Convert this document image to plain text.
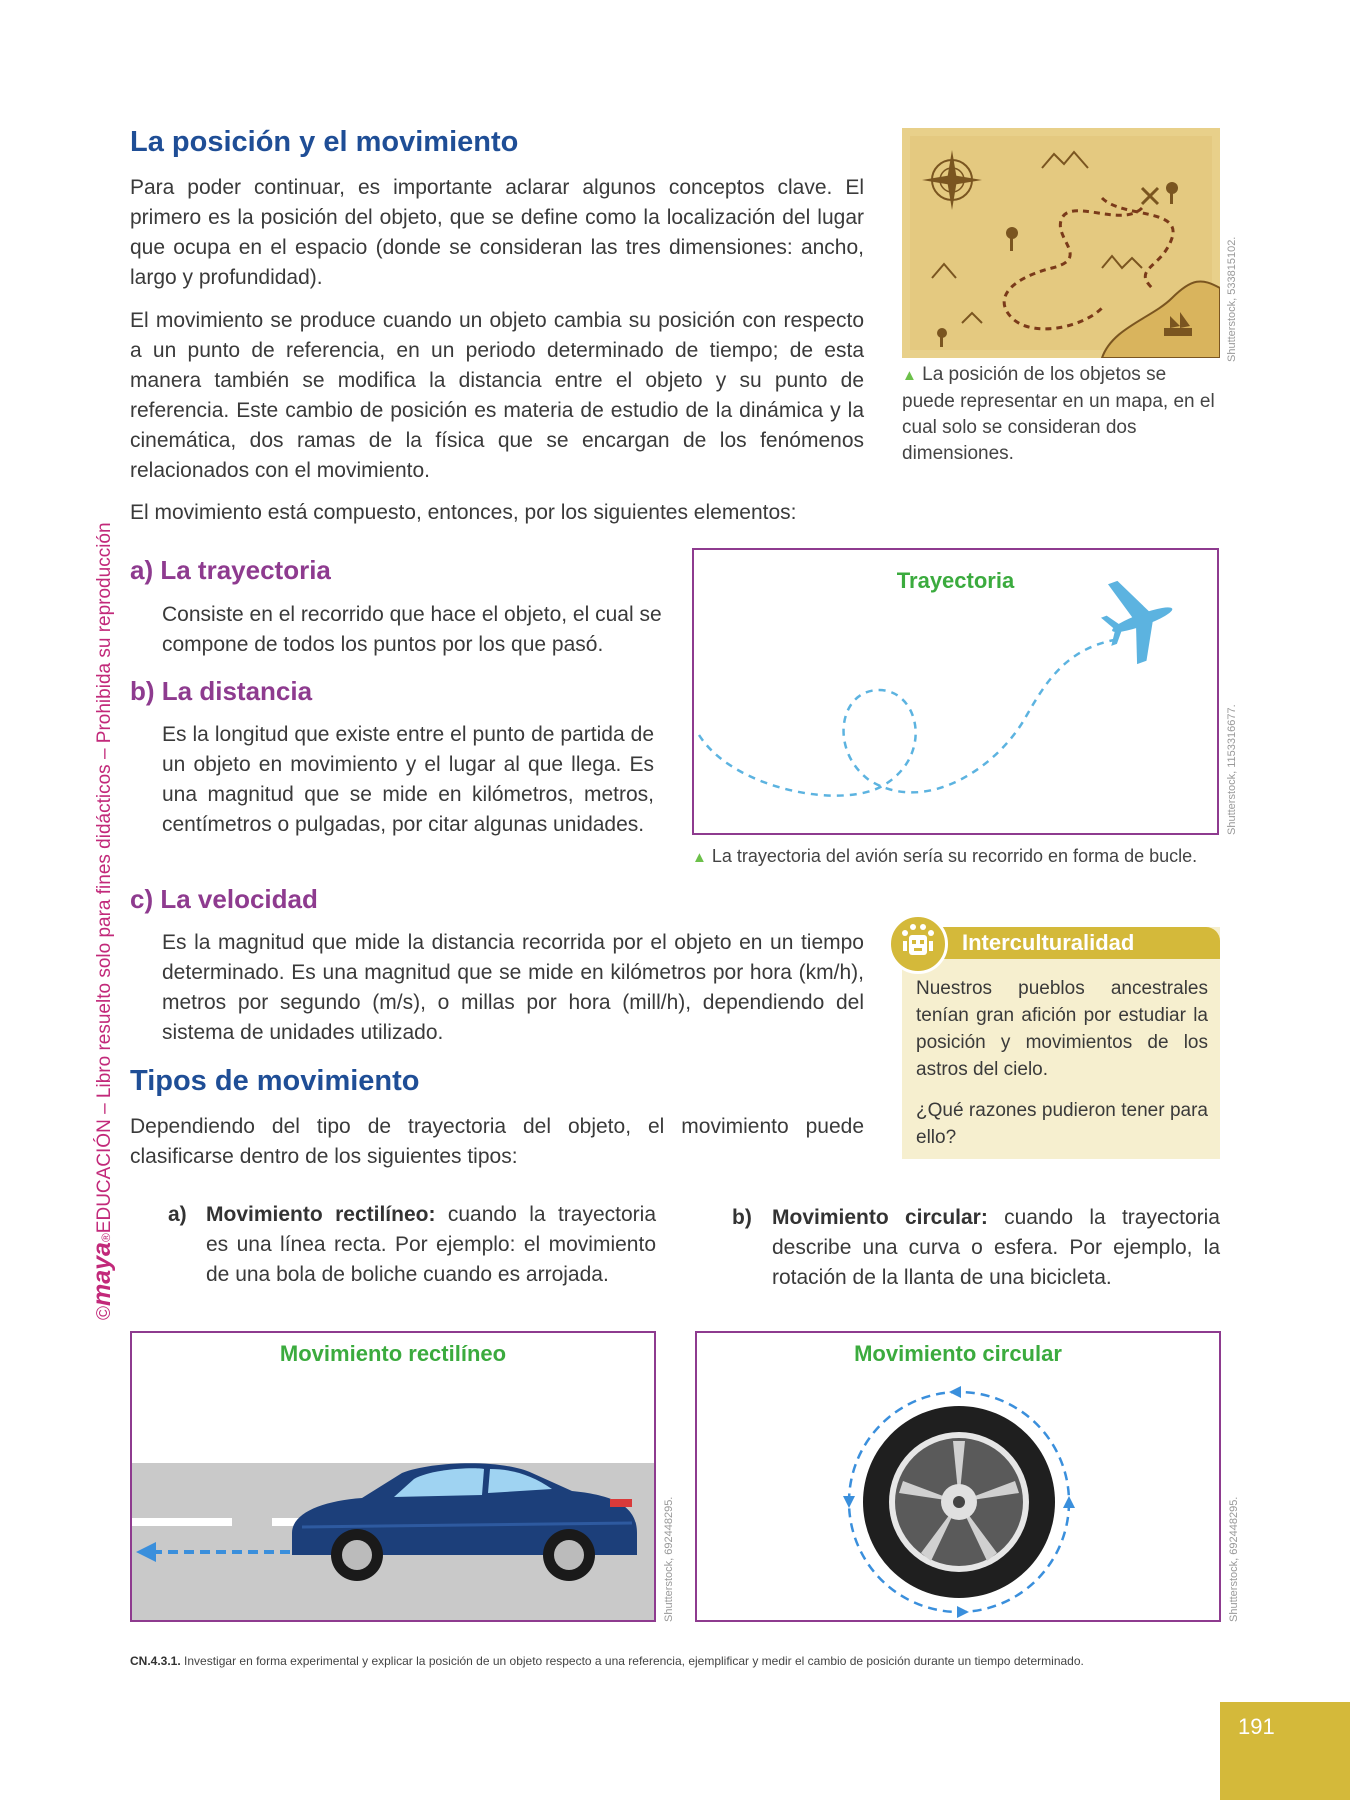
©maya®EDUCACIÓN – Libro resuelto solo para fines didácticos – Prohibida su reproducción
La posición y el movimiento
Para poder continuar, es importante aclarar algunos conceptos clave. El primero es la posición del objeto, que se define como la localización del lugar que ocupa en el espacio (donde se consideran las tres dimensiones: ancho, largo y profundidad).
El movimiento se produce cuando un objeto cambia su posición con respecto a un punto de referencia, en un periodo determinado de tiempo; de esta manera también se modifica la distancia entre el objeto y su punto de referencia. Este cambio de posición es materia de estudio de la dinámica y la cinemática, dos ramas de la física que se encargan de los fenómenos relacionados con el movimiento.
El movimiento está compuesto, entonces, por los siguientes elementos:
Shutterstock, 533815102.
▲ La posición de los objetos se puede representar en un mapa, en el cual solo se consideran dos dimensiones.
a) La trayectoria
Consiste en el recorrido que hace el objeto, el cual se compone de todos los puntos por los que pasó.
b) La distancia
Es la longitud que existe entre el punto de partida de un objeto en movimiento y el lugar al que llega. Es una magnitud que se mide en kilómetros, metros, centímetros o pulgadas, por citar algunas unidades.
c) La velocidad
Es la magnitud que mide la distancia recorrida por el objeto en un tiempo determinado. Es una magnitud que se mide en kilómetros por hora (km/h), metros por segundo (m/s), o millas por hora (mill/h), dependiendo del sistema de unidades utilizado.
Trayectoria
Shutterstock, 1153316677.
▲ La trayectoria del avión sería su recorrido en forma de bucle.
Interculturalidad
Nuestros pueblos ancestrales tenían gran afición por estudiar la posición y movimientos de los astros del cielo.
¿Qué razones pudieron tener para ello?
Tipos de movimiento
Dependiendo del tipo de trayectoria del objeto, el movimiento puede clasificarse dentro de los siguientes tipos:
a) Movimiento rectilíneo: cuando la trayectoria es una línea recta. Por ejemplo: el movimiento de una bola de boliche cuando es arrojada.
b) Movimiento circular: cuando la trayectoria describe una curva o esfera. Por ejemplo, la rotación de la llanta de una bicicleta.
Movimiento rectilíneo
Shutterstock, 692448295.
Movimiento circular
Shutterstock, 692448295.
CN.4.3.1. Investigar en forma experimental y explicar la posición de un objeto respecto a una referencia, ejemplificar y medir el cambio de posición durante un tiempo determinado.
191
